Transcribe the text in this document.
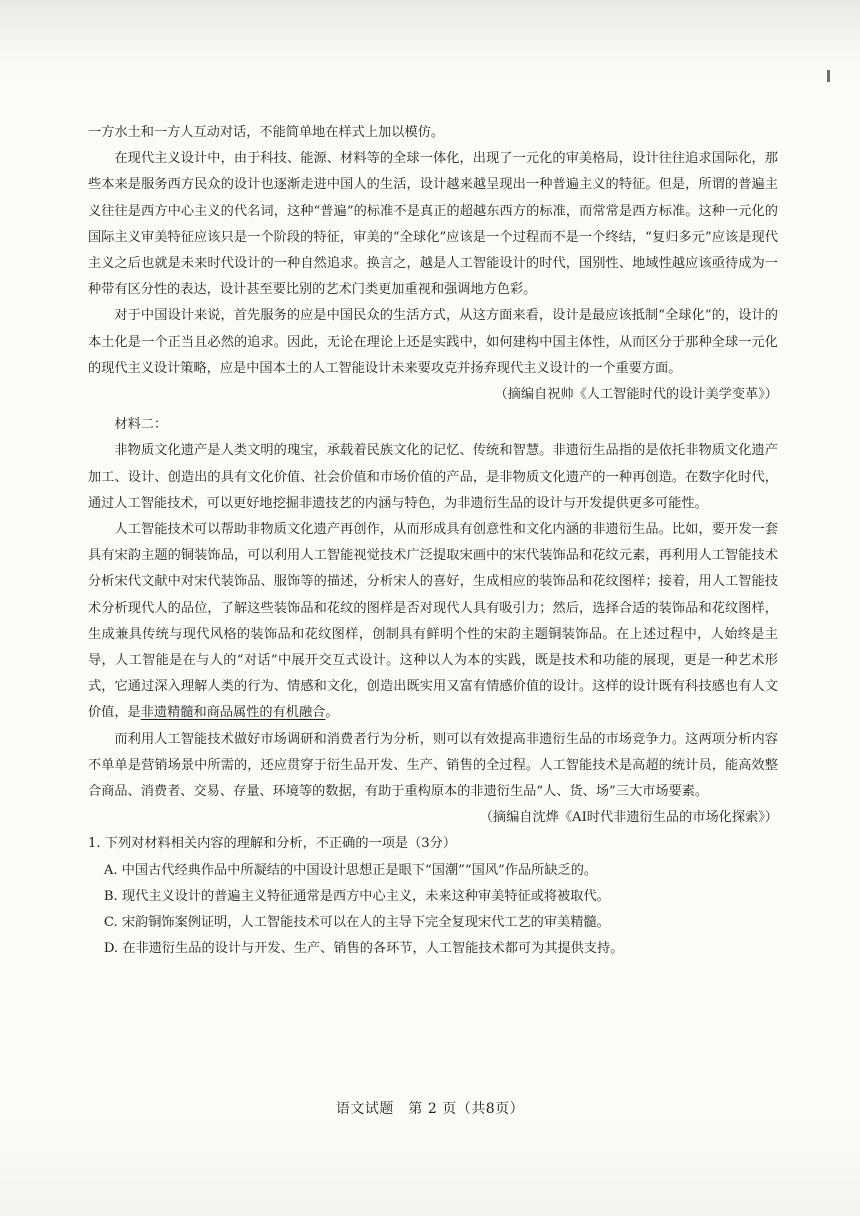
一方水土和一方人互动对话，不能简单地在样式上加以模仿。

在现代主义设计中，由于科技、能源、材料等的全球一体化，出现了一元化的审美格局，设计往往追求国际化，那些本来是服务西方民众的设计也逐渐走进中国人的生活，设计越来越呈现出一种普遍主义的特征。但是，所谓的普遍主义往往是西方中心主义的代名词，这种“普遍”的标准不是真正的超越东西方的标准，而常常是西方标准。这种一元化的国际主义审美特征应该只是一个阶段的特征，审美的“全球化”应该是一个过程而不是一个终结，“复归多元”应该是现代主义之后也就是未来时代设计的一种自然追求。换言之，越是人工智能设计的时代，国别性、地域性越应该亟待成为一种带有区分性的表达，设计甚至要比别的艺术门类更加重视和强调地方色彩。

对于中国设计来说，首先服务的应是中国民众的生活方式，从这方面来看，设计是最应该抵制“全球化”的，设计的本土化是一个正当且必然的追求。因此，无论在理论上还是实践中，如何建构中国主体性，从而区分于那种全球一元化的现代主义设计策略，应是中国本土的人工智能设计未来要攻克并扬弃现代主义设计的一个重要方面。

（摘编自祝帅《人工智能时代的设计美学变革》）

材料二：

非物质文化遗产是人类文明的瑰宝，承载着民族文化的记忆、传统和智慧。非遗衍生品指的是依托非物质文化遗产加工、设计、创造出的具有文化价值、社会价值和市场价值的产品，是非物质文化遗产的一种再创造。在数字化时代，通过人工智能技术，可以更好地挖掘非遗技艺的内涵与特色，为非遗衍生品的设计与开发提供更多可能性。

人工智能技术可以帮助非物质文化遗产再创作，从而形成具有创意性和文化内涵的非遗衍生品。比如，要开发一套具有宋韵主题的铜装饰品，可以利用人工智能视觉技术广泛提取宋画中的宋代装饰品和花纹元素，再利用人工智能技术分析宋代文献中对宋代装饰品、服饰等的描述，分析宋人的喜好，生成相应的装饰品和花纹图样；接着，用人工智能技术分析现代人的品位，了解这些装饰品和花纹的图样是否对现代人具有吸引力；然后，选择合适的装饰品和花纹图样，生成兼具传统与现代风格的装饰品和花纹图样，创制具有鲜明个性的宋韵主题铜装饰品。在上述过程中，人始终是主导，人工智能是在与人的“对话”中展开交互式设计。这种以人为本的实践，既是技术和功能的展现，更是一种艺术形式，它通过深入理解人类的行为、情感和文化，创造出既实用又富有情感价值的设计。这样的设计既有科技感也有人文价值，是非遗精髓和商品属性的有机融合。

而利用人工智能技术做好市场调研和消费者行为分析，则可以有效提高非遗衍生品的市场竞争力。这两项分析内容不单单是营销场景中所需的，还应贯穿于衍生品开发、生产、销售的全过程。人工智能技术是高超的统计员，能高效整合商品、消费者、交易、存量、环境等的数据，有助于重构原本的非遗衍生品“人、货、场”三大市场要素。

（摘编自沈烨《AI时代非遗衍生品的市场化探索》）

1. 下列对材料相关内容的理解和分析，不正确的一项是（3分）

A. 中国古代经典作品中所凝结的中国设计思想正是眼下“国潮”“国风”作品所缺乏的。

B. 现代主义设计的普遍主义特征通常是西方中心主义，未来这种审美特征或将被取代。

C. 宋韵铜饰案例证明，人工智能技术可以在人的主导下完全复现宋代工艺的审美精髓。

D. 在非遗衍生品的设计与开发、生产、销售的各环节，人工智能技术都可为其提供支持。

语文试题　第 2 页（共8页）
